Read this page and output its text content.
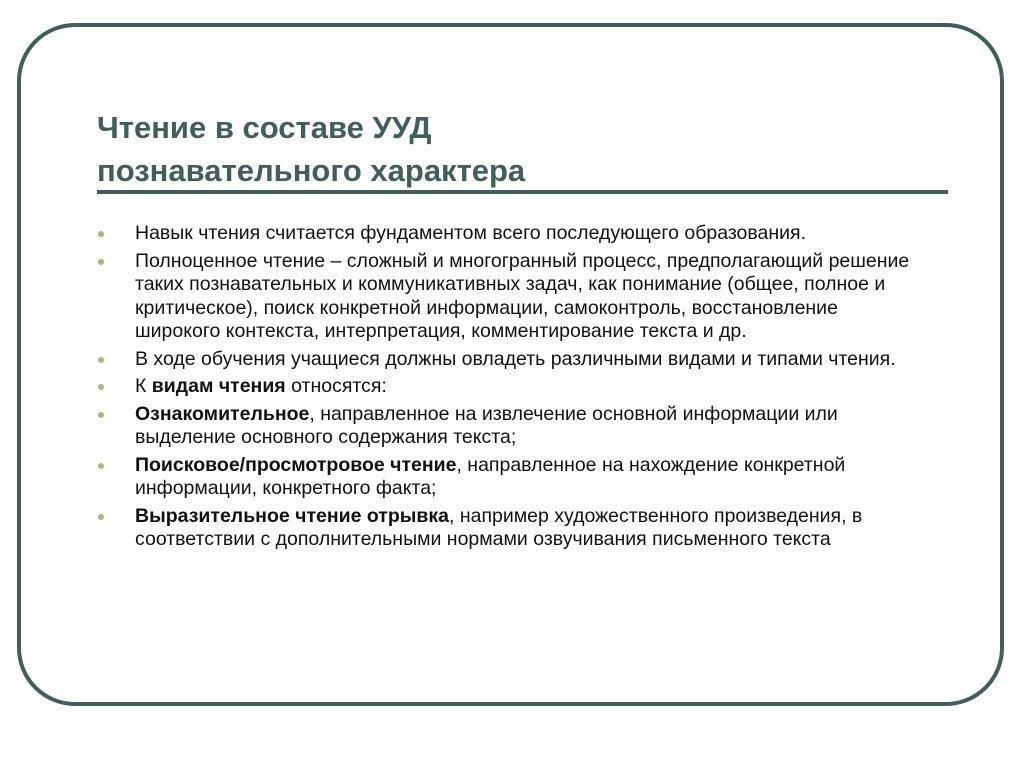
Чтение в составе УУД
познавательного характера
Навык чтения считается фундаментом всего последующего образования.
Полноценное чтение – сложный и многогранный процесс, предполагающий решение таких познавательных и коммуникативных задач, как понимание (общее, полное и критическое), поиск конкретной информации, самоконтроль, восстановление широкого контекста, интерпретация, комментирование текста и др.
В ходе обучения учащиеся должны овладеть различными видами и типами чтения.
К видам чтения относятся:
Ознакомительное, направленное на извлечение основной информации или выделение основного содержания текста;
Поисковое/просмотровое чтение, направленное на нахождение конкретной информации, конкретного факта;
Выразительное чтение отрывка, например художественного произведения, в соответствии с дополнительными нормами озвучивания письменного текста
